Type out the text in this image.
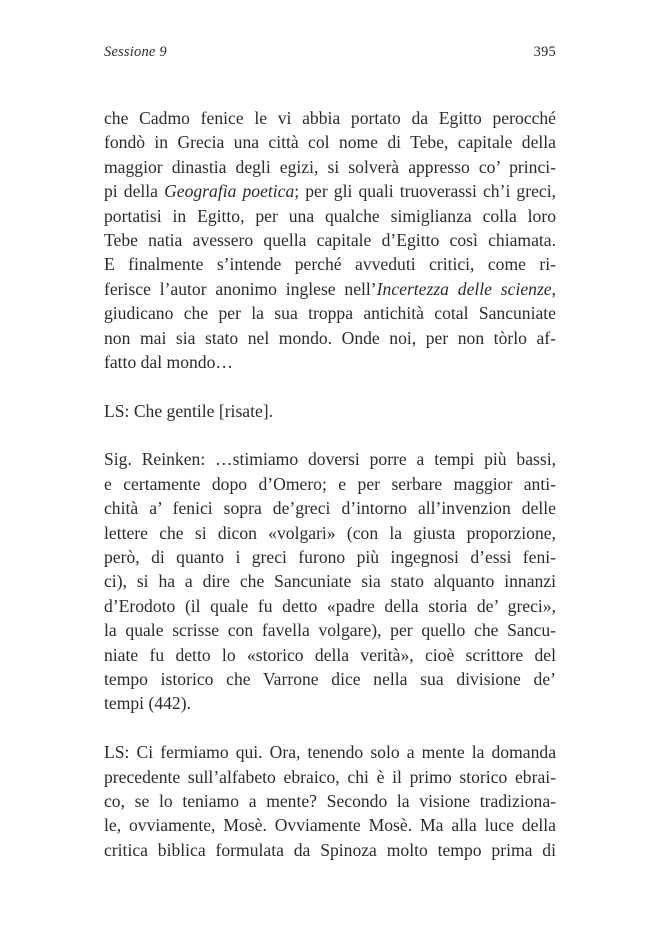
Sessione 9	395
che Cadmo fenice le vi abbia portato da Egitto perocché
fondò in Grecia una città col nome di Tebe, capitale della
maggior dinastia degli egizi, si solverà appresso co’ princi-
pi della Geografia poetica; per gli quali truoverassi ch’i greci,
portatisi in Egitto, per una qualche simiglianza colla loro
Tebe natia avessero quella capitale d’Egitto così chiamata.
E finalmente s’intende perché avveduti critici, come ri-
ferisce l’autor anonimo inglese nell’Incertezza delle scienze,
giudicano che per la sua troppa antichità cotal Sancuniate
non mai sia stato nel mondo. Onde noi, per non tòrlo af-
fatto dal mondo…
LS: Che gentile [risate].
Sig. Reinken: …stimiamo doversi porre a tempi più bassi,
e certamente dopo d’Omero; e per serbare maggior anti-
chità a’ fenici sopra de’greci d’intorno all’invenzion delle
lettere che si dicon «volgari» (con la giusta proporzione,
però, di quanto i greci furono più ingegnosi d’essi feni-
ci), si ha a dire che Sancuniate sia stato alquanto innanzi
d’Erodoto (il quale fu detto «padre della storia de’ greci»,
la quale scrisse con favella volgare), per quello che Sancu-
niate fu detto lo «storico della verità», cioè scrittore del
tempo istorico che Varrone dice nella sua divisione de’
tempi (442).
LS: Ci fermiamo qui. Ora, tenendo solo a mente la domanda
precedente sull’alfabeto ebraico, chi è il primo storico ebrai-
co, se lo teniamo a mente? Secondo la visione tradiziona-
le, ovviamente, Mosè. Ovviamente Mosè. Ma alla luce della
critica biblica formulata da Spinoza molto tempo prima di
